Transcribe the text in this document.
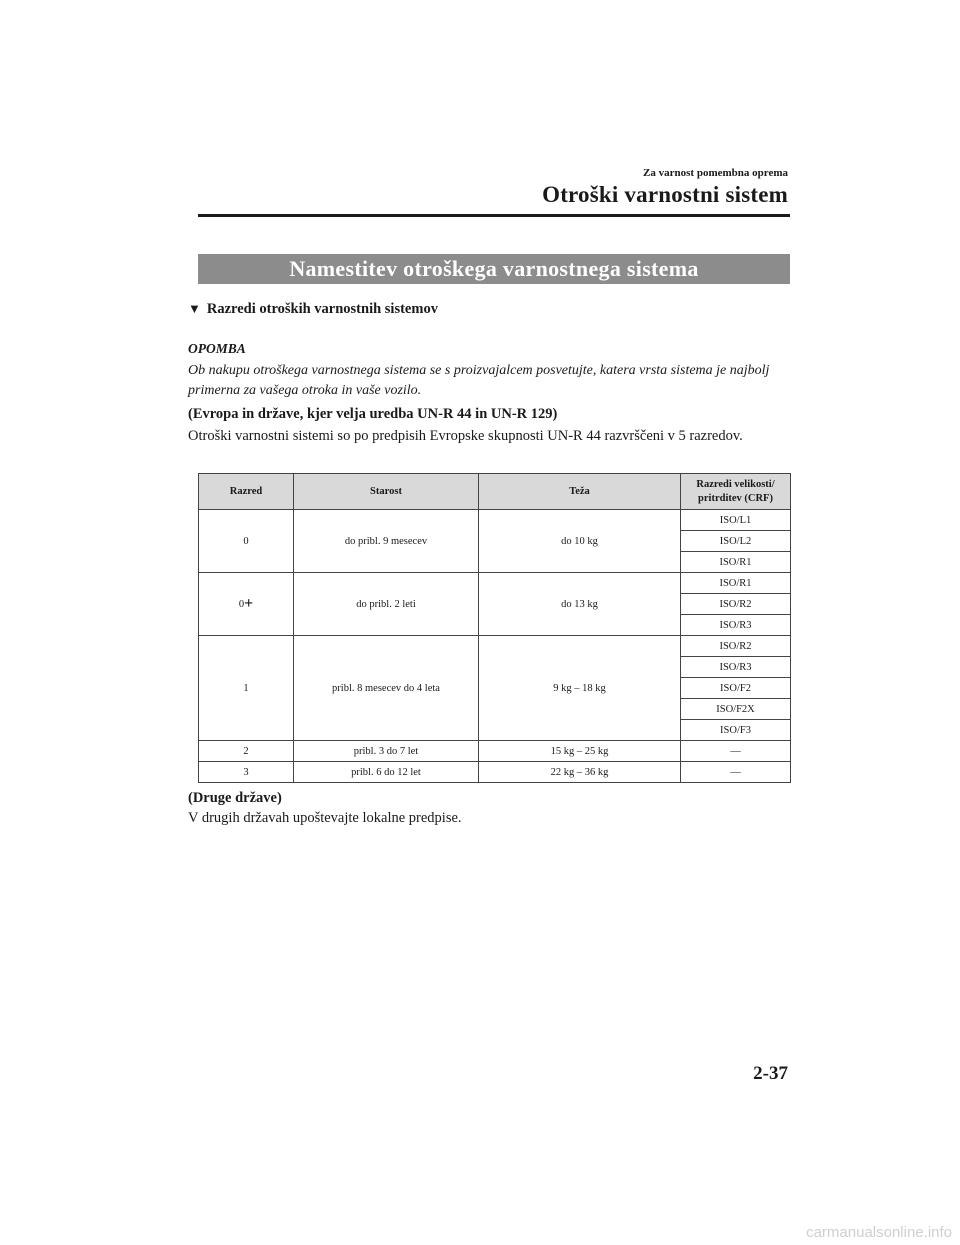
Za varnost pomembna oprema
Otroški varnostni sistem
Namestitev otroškega varnostnega sistema
▼ Razredi otroških varnostnih sistemov
OPOMBA
Ob nakupu otroškega varnostnega sistema se s proizvajalcem posvetujte, katera vrsta sistema je najbolj primerna za vašega otroka in vaše vozilo.
(Evropa in države, kjer velja uredba UN-R 44 in UN-R 129)
Otroški varnostni sistemi so po predpisih Evropske skupnosti UN-R 44 razvrščeni v 5 razredov.
Razred	Starost	Teža	Razredi velikosti/ pritrditev (CRF)
0	do pribl. 9 mesecev	do 10 kg	ISO/L1
			ISO/L2
			ISO/R1
0+	do pribl. 2 leti	do 13 kg	ISO/R1
			ISO/R2
			ISO/R3
1	pribl. 8 mesecev do 4 leta	9 kg – 18 kg	ISO/R2
			ISO/R3
			ISO/F2
			ISO/F2X
			ISO/F3
2	pribl. 3 do 7 let	15 kg – 25 kg	―
3	pribl. 6 do 12 let	22 kg – 36 kg	―
(Druge države)
V drugih državah upoštevajte lokalne predpise.
2-37
carmanualsonline.info
